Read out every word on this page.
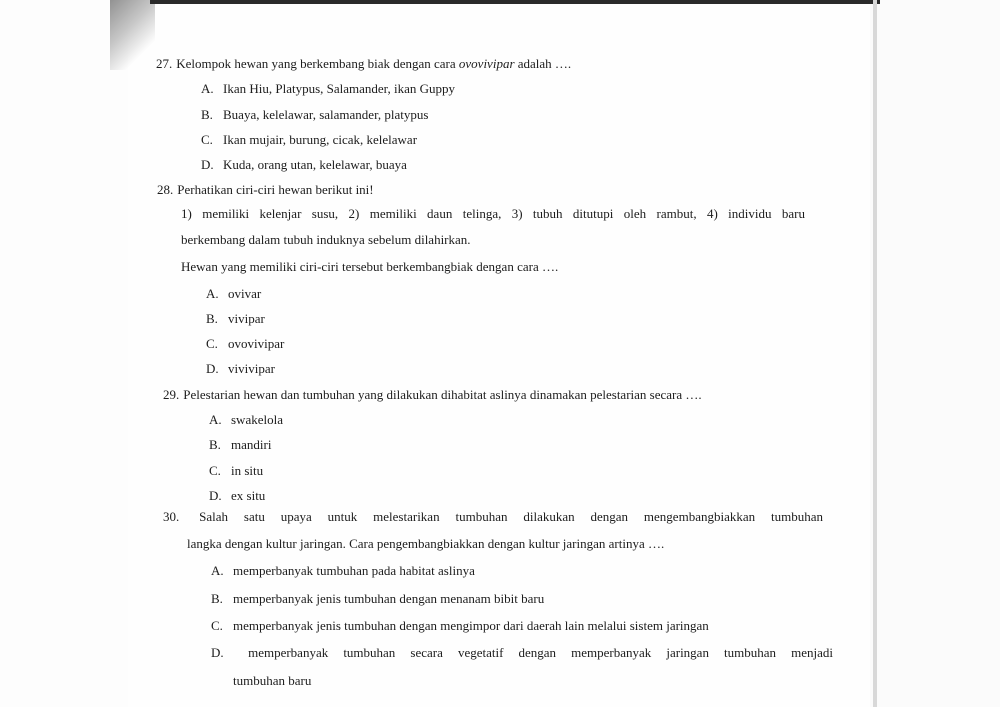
27. Kelompok hewan yang berkembang biak dengan cara ovovivipar adalah ….
A. Ikan Hiu, Platypus, Salamander, ikan Guppy
B. Buaya, kelelawar, salamander, platypus
C. Ikan mujair, burung, cicak, kelelawar
D. Kuda, orang utan, kelelawar, buaya
28. Perhatikan ciri-ciri hewan berikut ini!
1) memiliki kelenjar susu, 2) memiliki daun telinga, 3) tubuh ditutupi oleh rambut, 4) individu baru
berkembang dalam tubuh induknya sebelum dilahirkan.
Hewan yang memiliki ciri-ciri tersebut berkembangbiak dengan cara ….
A. ovivar
B. vivipar
C. ovovivipar
D. vivivipar
29. Pelestarian hewan dan tumbuhan yang dilakukan dihabitat aslinya dinamakan pelestarian secara ….
A. swakelola
B. mandiri
C. in situ
D. ex situ
30. Salah satu upaya untuk melestarikan tumbuhan dilakukan dengan mengembangbiakkan tumbuhan
langka dengan kultur jaringan. Cara pengembangbiakkan dengan kultur jaringan artinya ….
A. memperbanyak tumbuhan pada habitat aslinya
B. memperbanyak jenis tumbuhan dengan menanam bibit baru
C. memperbanyak jenis tumbuhan dengan mengimpor dari daerah lain melalui sistem jaringan
D. memperbanyak tumbuhan secara vegetatif dengan memperbanyak jaringan tumbuhan menjadi
tumbuhan baru
